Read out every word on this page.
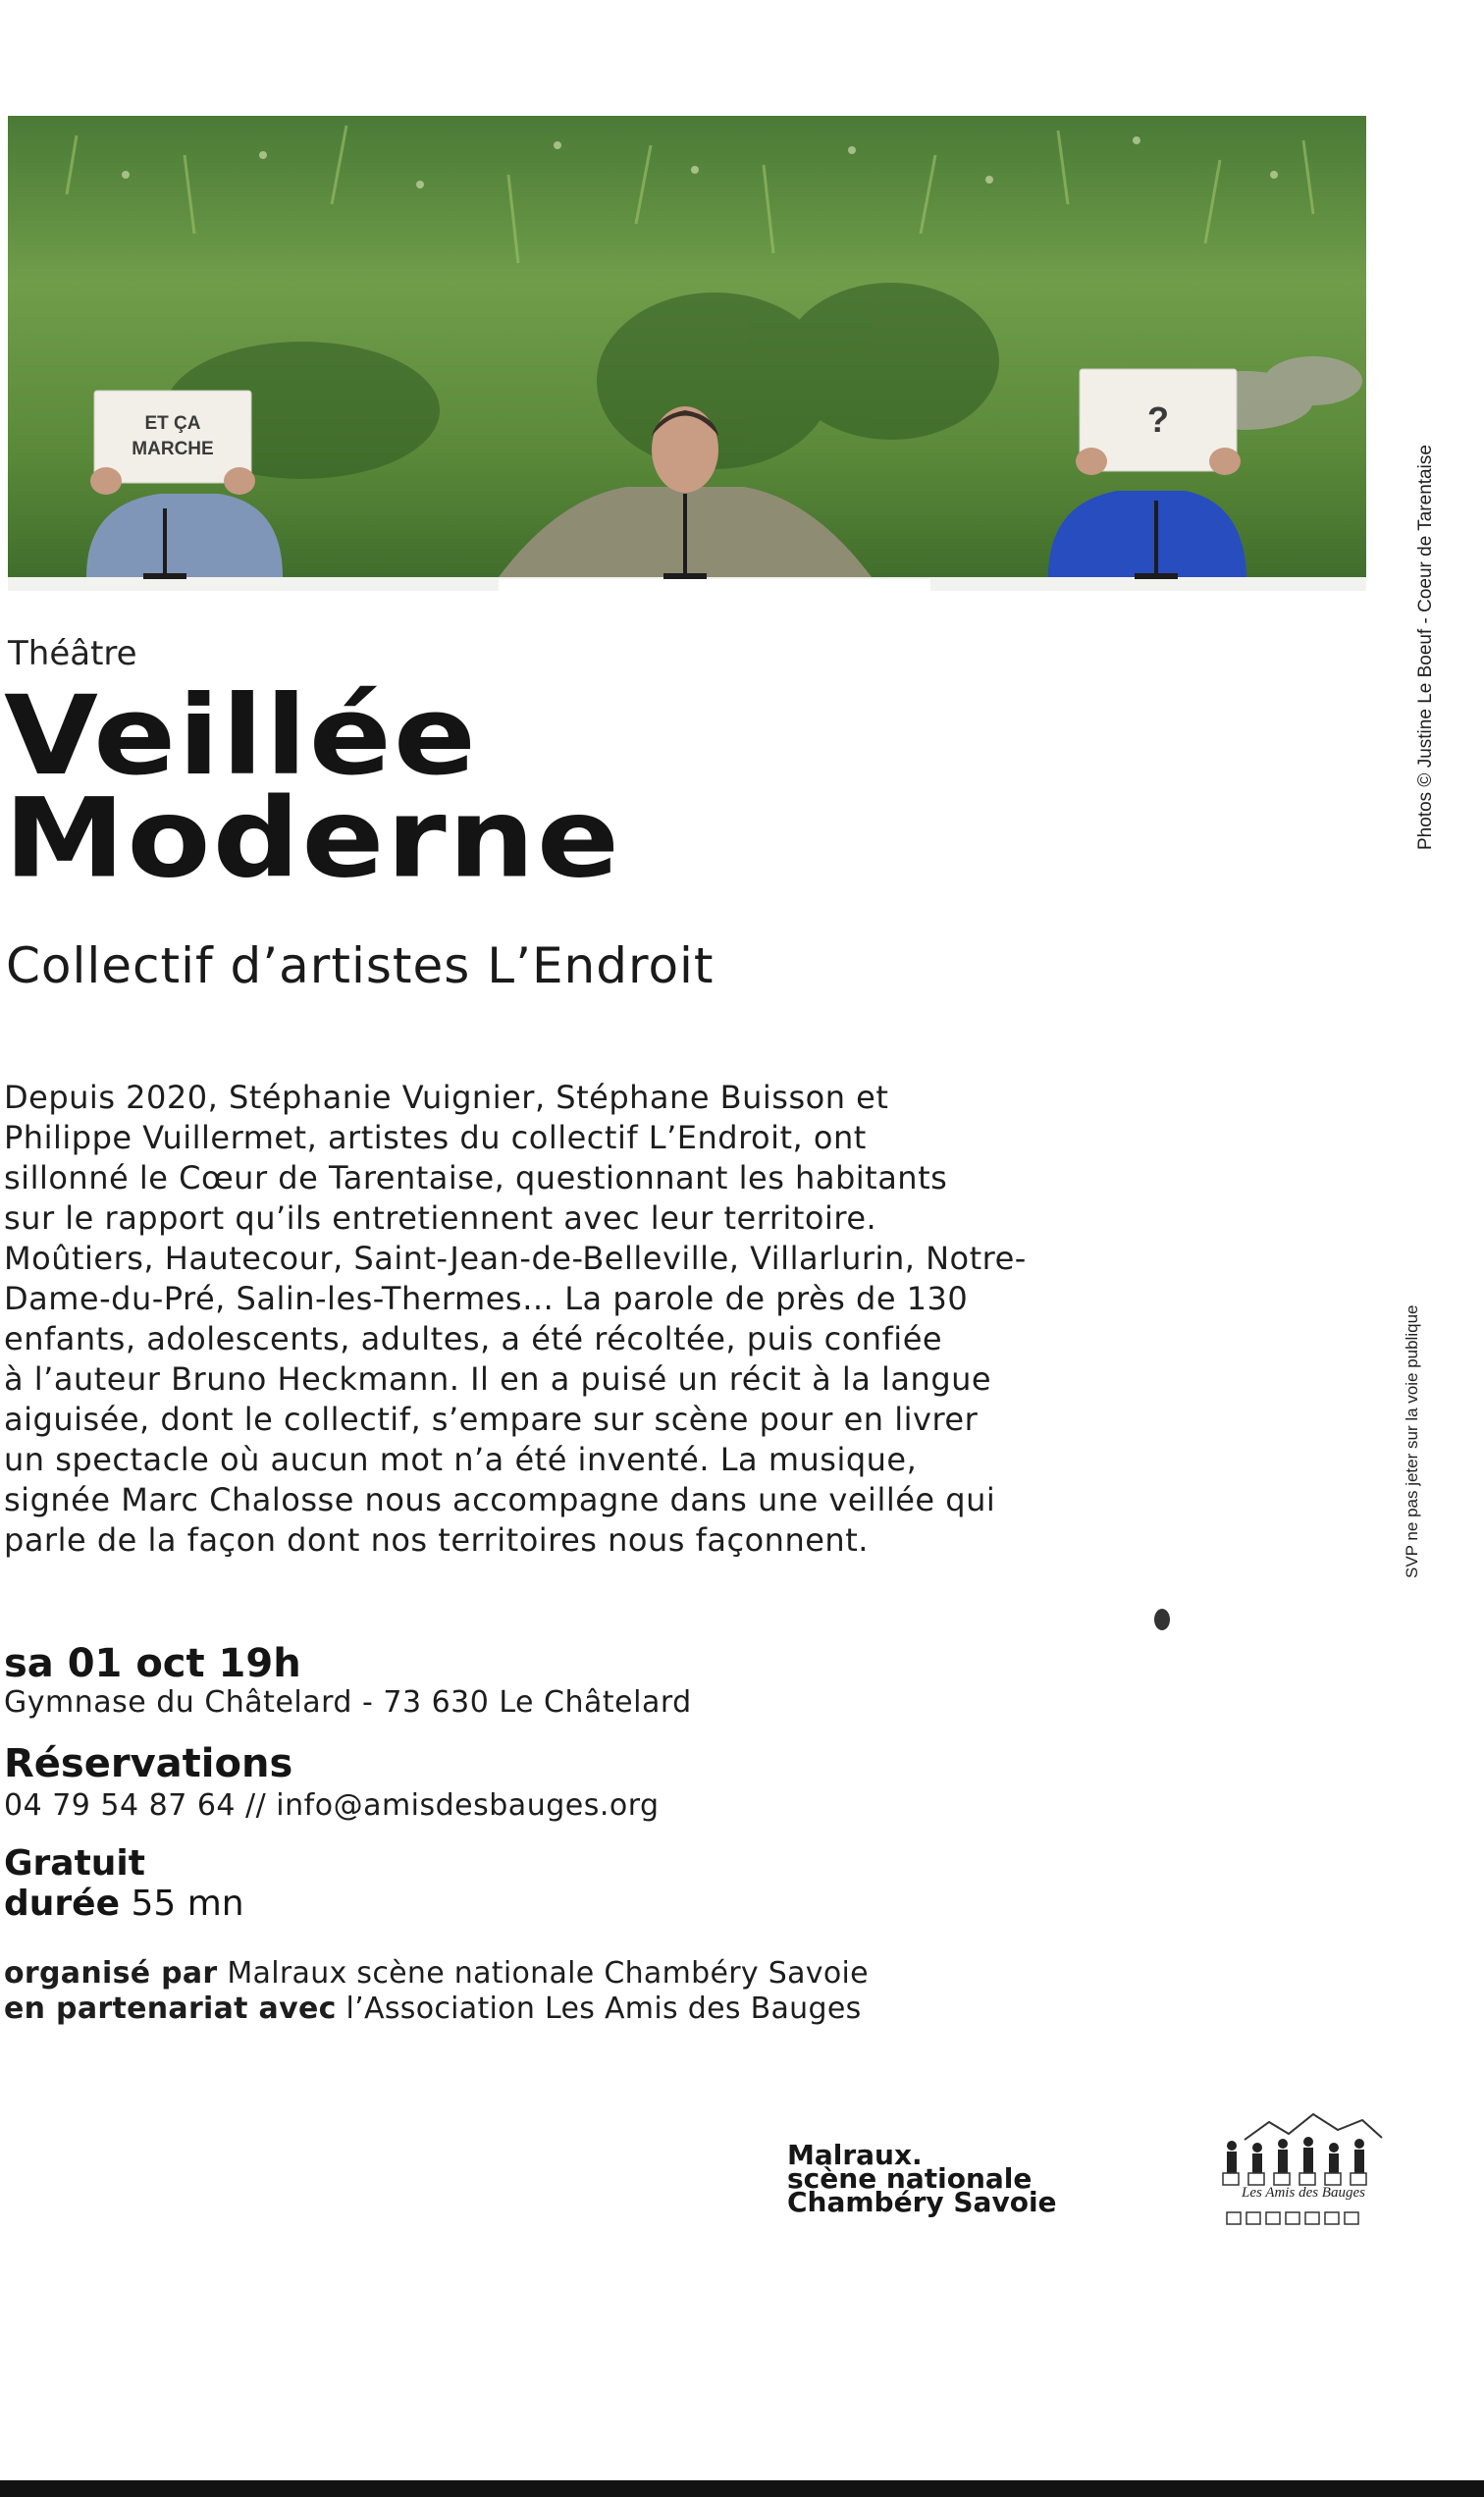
ET ÇA
MARCHE
?
Photos © Justine Le Boeuf - Coeur de Tarentaise
Théâtre
Veillée
Moderne
Collectif d’artistes L’Endroit

Depuis 2020, Stéphanie Vuignier, Stéphane Buisson et
Philippe Vuillermet, artistes du collectif L’Endroit, ont
sillonné le Cœur de Tarentaise, questionnant les habitants
sur le rapport qu’ils entretiennent avec leur territoire.
Moûtiers, Hautecour, Saint-Jean-de-Belleville, Villarlurin, Notre-
Dame-du-Pré, Salin-les-Thermes… La parole de près de 130
enfants, adolescents, adultes, a été récoltée, puis confiée
à l’auteur Bruno Heckmann. Il en a puisé un récit à la langue
aiguisée, dont le collectif, s’empare sur scène pour en livrer
un spectacle où aucun mot n’a été inventé. La musique,
signée Marc Chalosse nous accompagne dans une veillée qui
parle de la façon dont nos territoires nous façonnent.	SVP ne pas jeter sur la voie publique
sa 01 oct 19h
Gymnase du Châtelard - 73 630 Le Châtelard
Réservations
04 79 54 87 64 // info@amisdesbauges.org
Gratuit
durée 55 mn
organisé par Malraux scène nationale Chambéry Savoie
en partenariat avec l’Association Les Amis des Bauges
Malraux.
scène nationale
Chambéry Savoie	Les Amis des Bauges
